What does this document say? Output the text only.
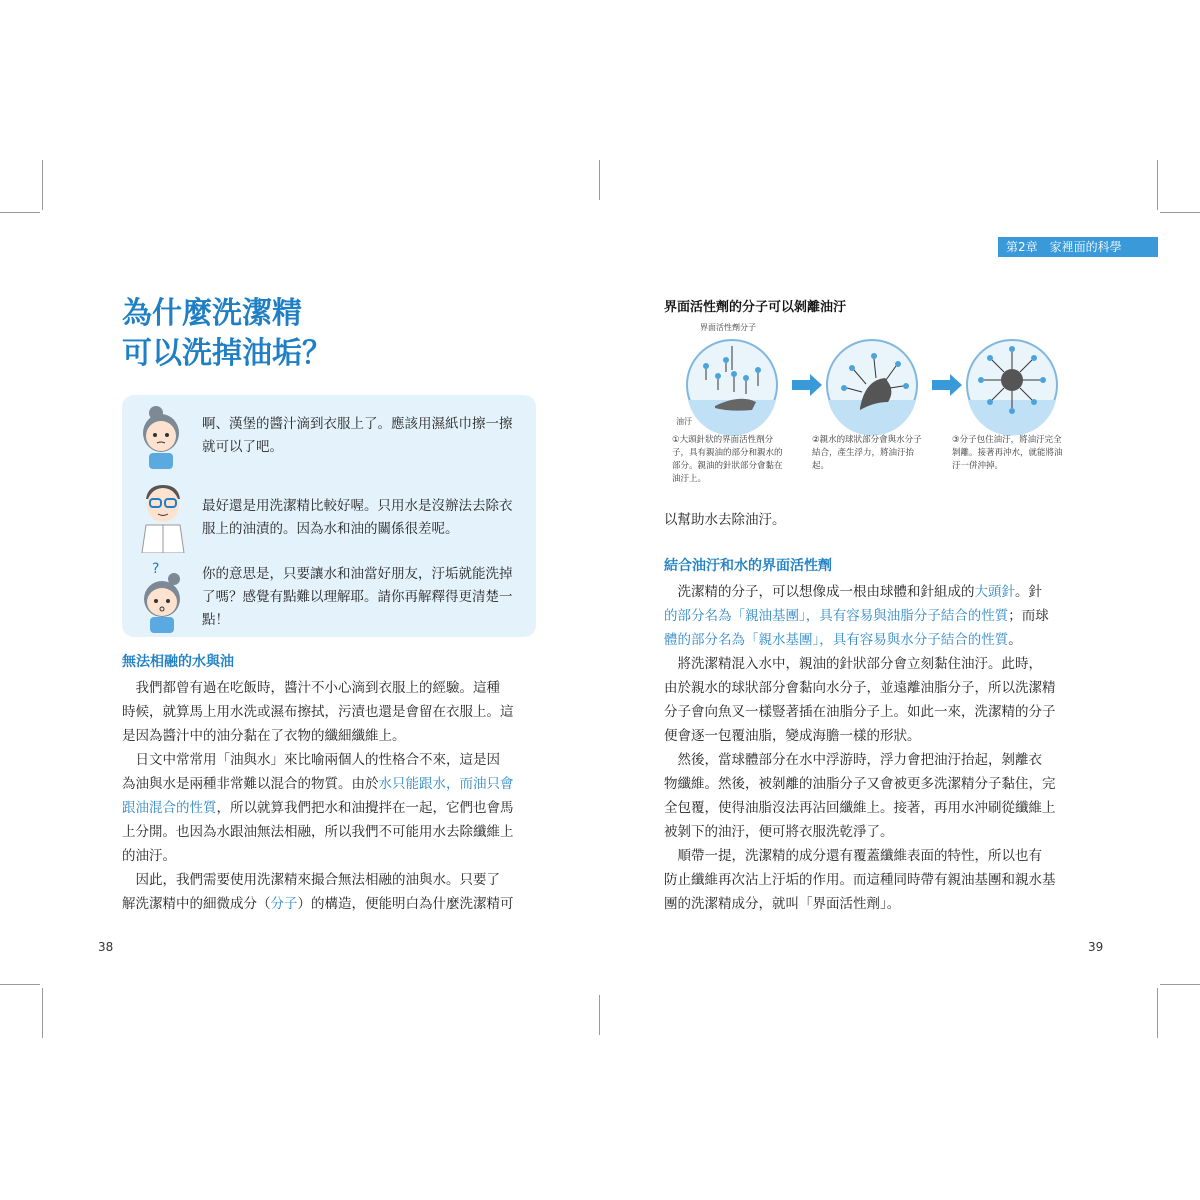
為什麼洗潔精
可以洗掉油垢？
啊、漢堡的醬汁滴到衣服上了。應該用濕紙巾擦一擦
就可以了吧。
最好還是用洗潔精比較好喔。只用水是沒辦法去除衣
服上的油漬的。因為水和油的關係很差呢。
?	你的意思是，只要讓水和油當好朋友，汙垢就能洗掉
了嗎？感覺有點難以理解耶。請你再解釋得更清楚一
點！
無法相融的水與油
　我們都曾有過在吃飯時，醬汁不小心滴到衣服上的經驗。這種
時候，就算馬上用水洗或濕布擦拭，污漬也還是會留在衣服上。這
是因為醬汁中的油分黏在了衣物的纖細纖維上。
　日文中常常用「油與水」來比喻兩個人的性格合不來，這是因
為油與水是兩種非常難以混合的物質。由於水只能跟水，而油只會
跟油混合的性質，所以就算我們把水和油攪拌在一起，它們也會馬
上分開。也因為水跟油無法相融，所以我們不可能用水去除纖維上
的油汙。
　因此，我們需要使用洗潔精來撮合無法相融的油與水。只要了
解洗潔精中的細微成分（分子）的構造，便能明白為什麼洗潔精可
38
第2章　家裡面的科學
界面活性劑的分子可以剝離油汙
界面活性劑分子
油汙
①大頭針狀的界面活性劑分
子，具有親油的部分和親水的
部分。親油的針狀部分會黏在
油汙上。
②親水的球狀部分會與水分子
結合，產生浮力，將油汙抬
起。
③分子包住油汙，將油汙完全
剝離。接著再沖水，就能將油
汙一併沖掉。
以幫助水去除油汙。
結合油汙和水的界面活性劑
　洗潔精的分子，可以想像成一根由球體和針組成的大頭針。針
的部分名為「親油基團」，具有容易與油脂分子結合的性質；而球
體的部分名為「親水基團」，具有容易與水分子結合的性質。
　將洗潔精混入水中，親油的針狀部分會立刻黏住油汙。此時，
由於親水的球狀部分會黏向水分子，並遠離油脂分子，所以洗潔精
分子會向魚叉一樣豎著插在油脂分子上。如此一來，洗潔精的分子
便會逐一包覆油脂，變成海膽一樣的形狀。
　然後，當球體部分在水中浮游時，浮力會把油汙抬起，剝離衣
物纖維。然後，被剝離的油脂分子又會被更多洗潔精分子黏住，完
全包覆，使得油脂沒法再沾回纖維上。接著，再用水沖刷從纖維上
被剝下的油汙，便可將衣服洗乾淨了。
　順帶一提，洗潔精的成分還有覆蓋纖維表面的特性，所以也有
防止纖維再次沾上汙垢的作用。而這種同時帶有親油基團和親水基
團的洗潔精成分，就叫「界面活性劑」。
39
